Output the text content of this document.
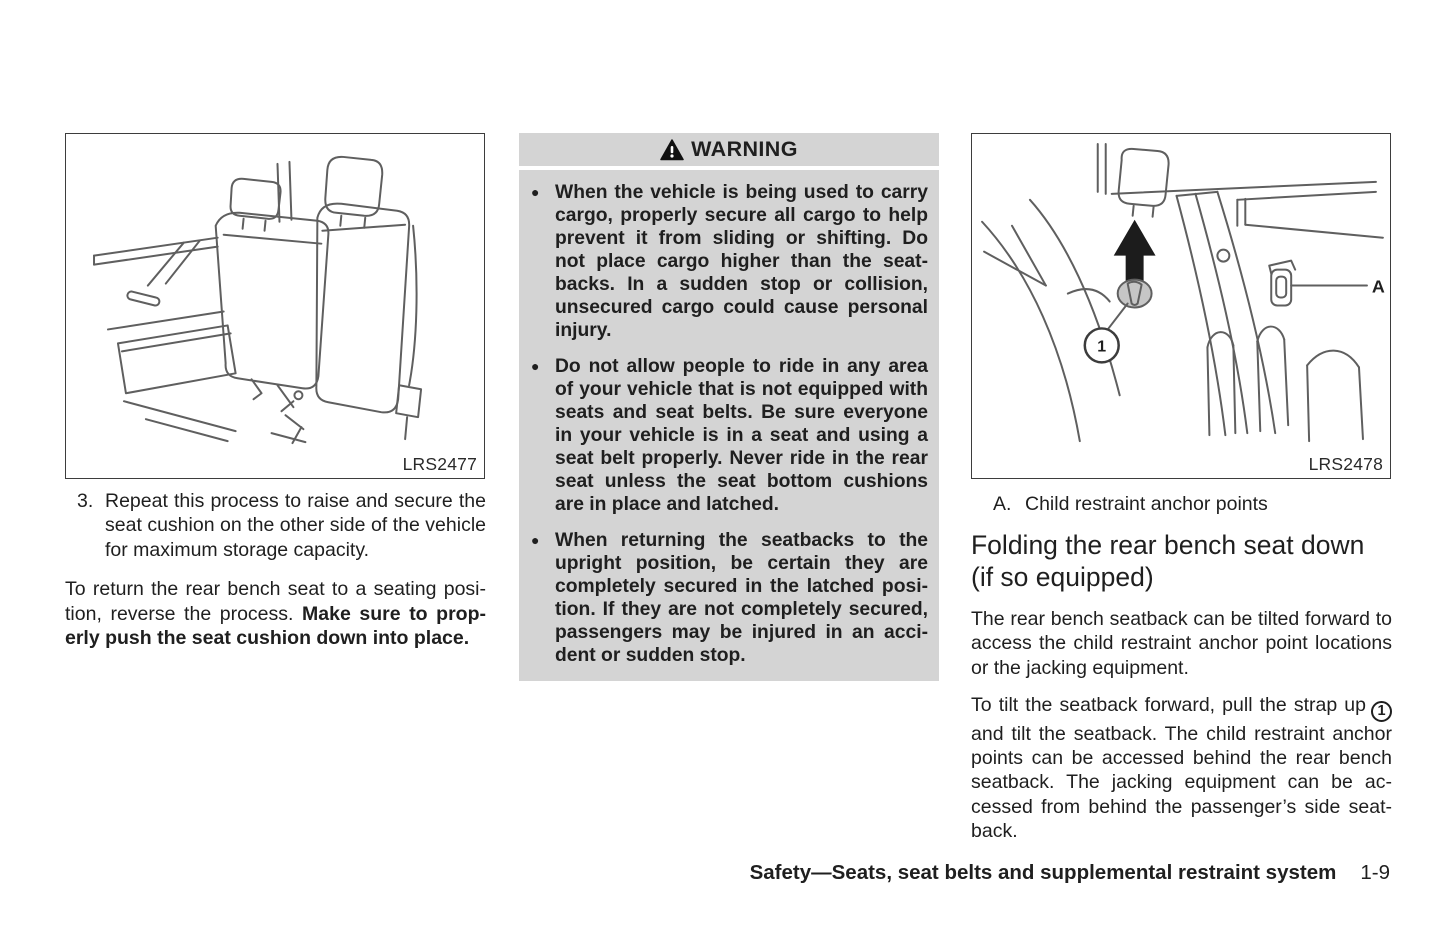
LRS2477
3. Repeat this process to raise and secure the seat cushion on the other side of the vehicle for maximum storage capacity.

To return the rear bench seat to a seating position, reverse the process. Make sure to properly push the seat cushion down into place.

WARNING
● When the vehicle is being used to carry cargo, properly secure all cargo to help prevent it from sliding or shifting. Do not place cargo higher than the seatbacks. In a sudden stop or collision, unsecured cargo could cause personal injury.
● Do not allow people to ride in any area of your vehicle that is not equipped with seats and seat belts. Be sure everyone in your vehicle is in a seat and using a seat belt properly. Never ride in the rear seat unless the seat bottom cushions are in place and latched.
● When returning the seatbacks to the upright position, be certain they are completely secured in the latched position. If they are not completely secured, passengers may be injured in an accident or sudden stop.
1
A
LRS2478
A. Child restraint anchor points
Folding the rear bench seat down (if so equipped)

The rear bench seatback can be tilted forward to access the child restraint anchor point locations or the jacking equipment.

To tilt the seatback forward, pull the strap up 1 and tilt the seatback. The child restraint anchor points can be accessed behind the rear bench seatback. The jacking equipment can be accessed from behind the passenger’s side seatback.

Safety—Seats, seat belts and supplemental restraint system 1-9
